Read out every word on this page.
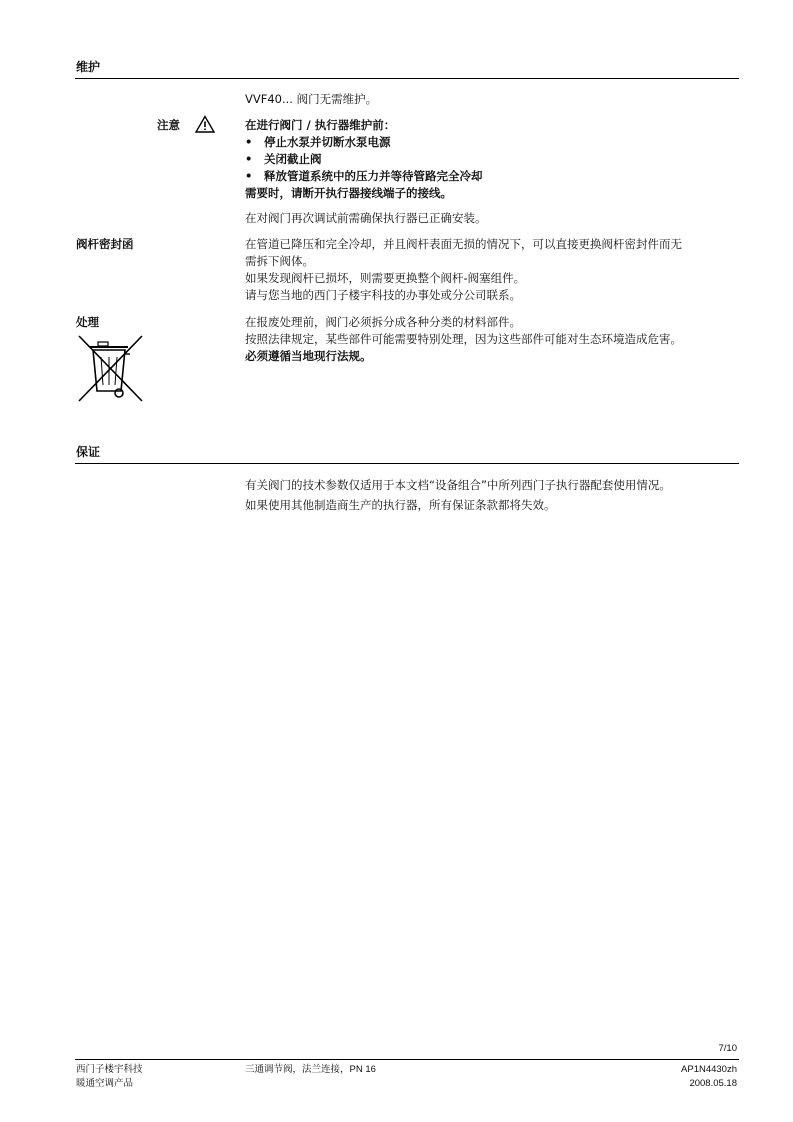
维护
VVF40... 阀门无需维护。
注意	在进行阀门 / 执行器维护前：
•	停止水泵并切断水泵电源
•	关闭截止阀
•	释放管道系统中的压力并等待管路完全冷却
需要时，请断开执行器接线端子的接线。
在对阀门再次调试前需确保执行器已正确安装。
阀杆密封函	在管道已降压和完全冷却，并且阀杆表面无损的情况下，可以直接更换阀杆密封件而无
需拆下阀体。
如果发现阀杆已损坏，则需要更换整个阀杆-阀塞组件。
请与您当地的西门子楼宇科技的办事处或分公司联系。
处理	在报废处理前，阀门必须拆分成各种分类的材料部件。
按照法律规定，某些部件可能需要特别处理，因为这些部件可能对生态环境造成危害。
必须遵循当地现行法规。
保证
有关阀门的技术参数仅适用于本文档“设备组合”中所列西门子执行器配套使用情况。
如果使用其他制造商生产的执行器，所有保证条款都将失效。
7/10
西门子楼宇科技
暖通空调产品
三通调节阀，法兰连接，PN 16	AP1N4430zh
2008.05.18
